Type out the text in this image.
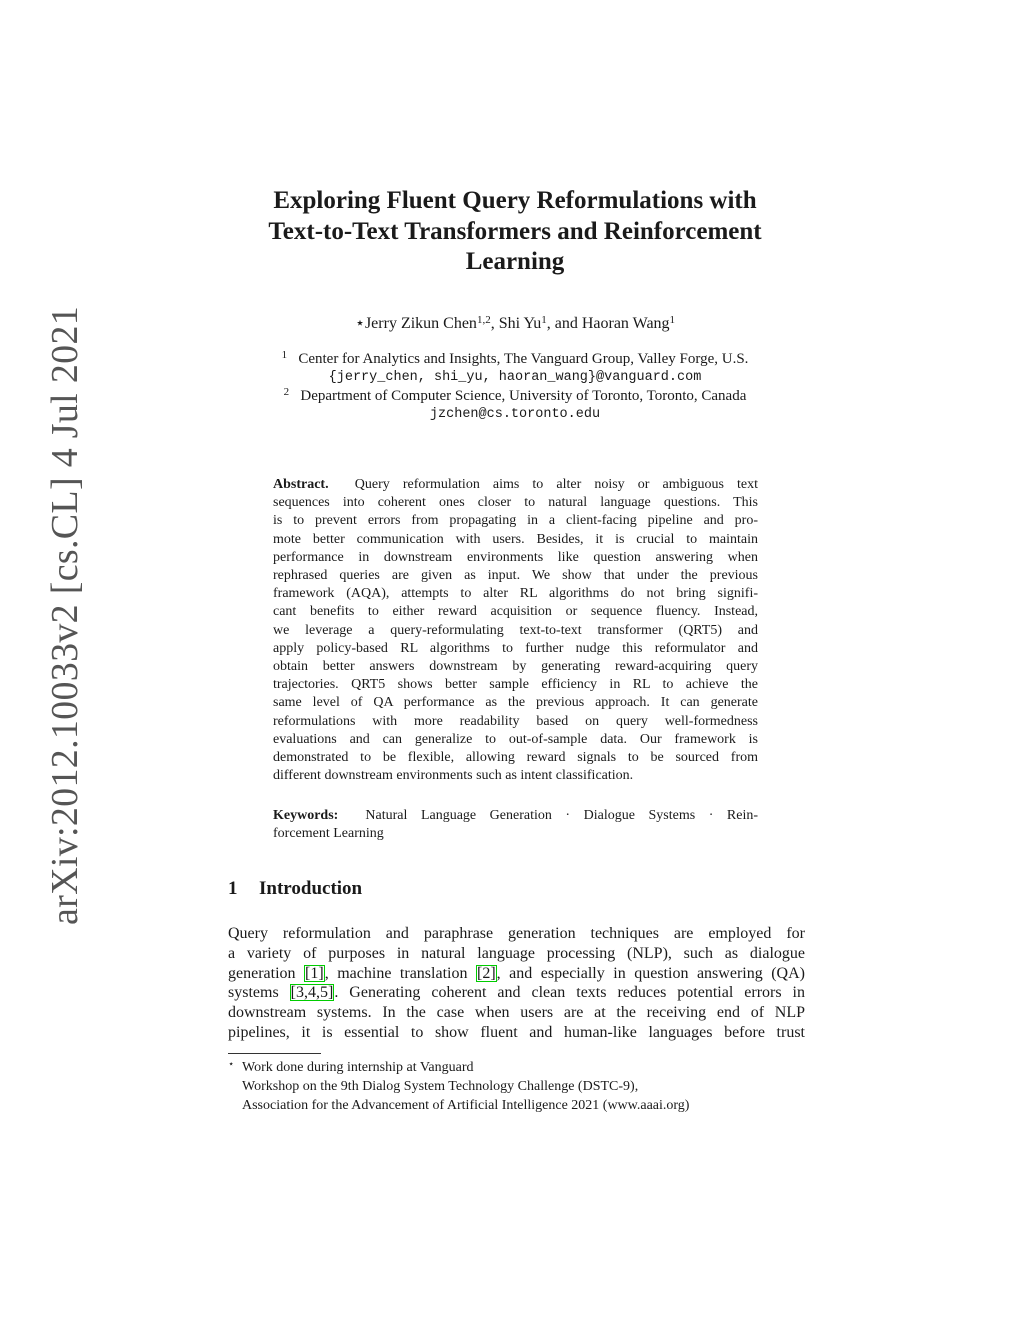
arXiv:2012.10033v2 [cs.CL] 4 Jul 2021
Exploring Fluent Query Reformulations with
Text-to-Text Transformers and Reinforcement
Learning
⋆Jerry Zikun Chen$^{1,2}$, Shi Yu$^1$, and Haoran Wang$^1$
$^1$ Center for Analytics and Insights, The Vanguard Group, Valley Forge, U.S.
{jerry_chen, shi_yu, haoran_wang}@vanguard.com
$^2$ Department of Computer Science, University of Toronto, Toronto, Canada
jzchen@cs.toronto.edu
Abstract. Query reformulation aims to alter noisy or ambiguous text
sequences into coherent ones closer to natural language questions. This
is to prevent errors from propagating in a client-facing pipeline and pro-
mote better communication with users. Besides, it is crucial to maintain
performance in downstream environments like question answering when
rephrased queries are given as input. We show that under the previous
framework (AQA), attempts to alter RL algorithms do not bring signifi-
cant benefits to either reward acquisition or sequence fluency. Instead,
we leverage a query-reformulating text-to-text transformer (QRT5) and
apply policy-based RL algorithms to further nudge this reformulator and
obtain better answers downstream by generating reward-acquiring query
trajectories. QRT5 shows better sample efficiency in RL to achieve the
same level of QA performance as the previous approach. It can generate
reformulations with more readability based on query well-formedness
evaluations and can generalize to out-of-sample data. Our framework is
demonstrated to be flexible, allowing reward signals to be sourced from
different downstream environments such as intent classification.
Keywords: Natural Language Generation · Dialogue Systems · Rein-
forcement Learning
1 Introduction
Query reformulation and paraphrase generation techniques are employed for
a variety of purposes in natural language processing (NLP), such as dialogue
generation [1], machine translation [2], and especially in question answering (QA)
systems [3,4,5]. Generating coherent and clean texts reduces potential errors in
downstream systems. In the case when users are at the receiving end of NLP
pipelines, it is essential to show fluent and human-like languages before trust
⋆ Work done during internship at Vanguard
Workshop on the 9th Dialog System Technology Challenge (DSTC-9),
Association for the Advancement of Artificial Intelligence 2021 (www.aaai.org)
